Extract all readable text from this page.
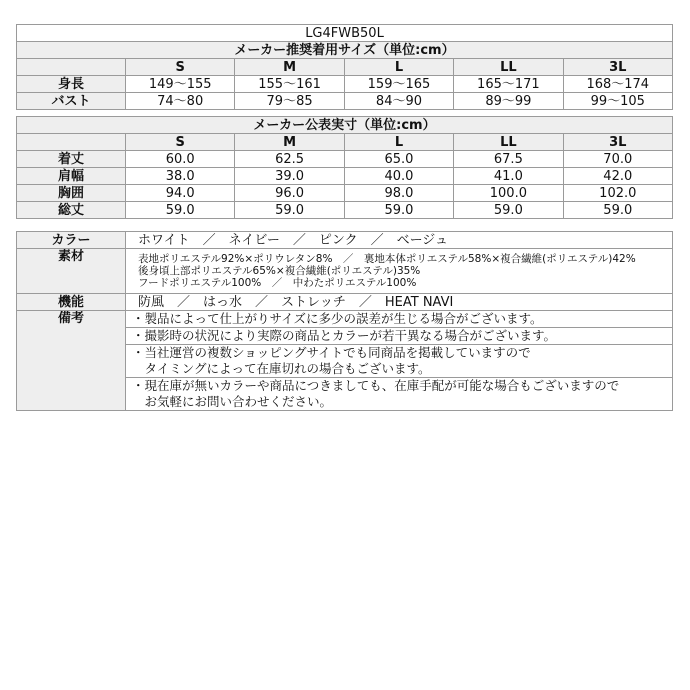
LG4FWB50L					
メーカー推奨着用サイズ（単位:cm）					
	S	M	L	LL	3L
身長	149～155	155～161	159～165	165～171	168～174
バスト	74～80	79～85	84～90	89～99	99～105
メーカー公表実寸（単位:cm）					
	S	M	L	LL	3L
着丈	60.0	62.5	65.0	67.5	70.0
肩幅	38.0	39.0	40.0	41.0	42.0
胸囲	94.0	96.0	98.0	100.0	102.0
総丈	59.0	59.0	59.0	59.0	59.0
カラー	ホワイト　／　ネイビー　／　ピンク　／　ベージュ
素材	表地ポリエステル92%×ポリウレタン8%　／　裏地本体ポリエステル58%×複合繊維(ポリエステル)42%
後身頃上部ポリエステル65%×複合繊維(ポリエステル)35%
フードポリエステル100%　／　中わたポリエステル100%

機能	防風　／　はっ水　／　ストレッチ　／　HEAT NAVI
備考	・製品によって仕上がりサイズに多少の誤差が生じる場合がございます。

	・撮影時の状況により実際の商品とカラーが若干異なる場合がございます。

	・当社運営の複数ショッピングサイトでも同商品を掲載していますので
　タイミングによって在庫切れの場合もございます。

	・現在庫が無いカラーや商品につきましても、在庫手配が可能な場合もございますので
　お気軽にお問い合わせください。
